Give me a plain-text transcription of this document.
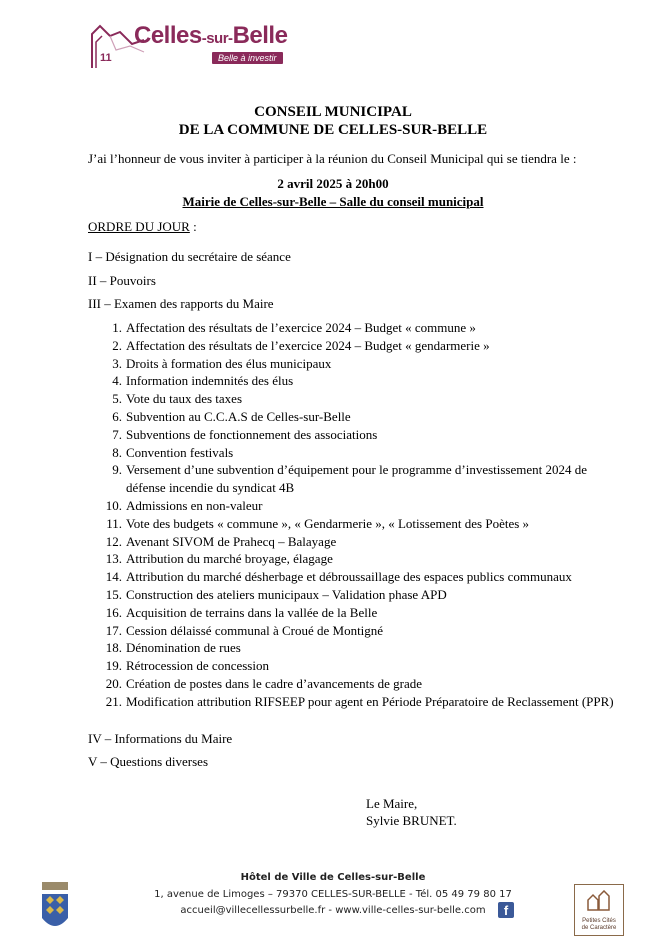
11
Celles-sur-Belle
Belle à investir
CONSEIL MUNICIPAL
DE LA COMMUNE DE CELLES-SUR-BELLE
J’ai l’honneur de vous inviter à participer à la réunion du Conseil Municipal qui se tiendra le :
2 avril 2025 à 20h00
Mairie de Celles-sur-Belle – Salle du conseil municipal
ORDRE DU JOUR :
I – Désignation du secrétaire de séance
II – Pouvoirs
III – Examen des rapports du Maire
1. Affectation des résultats de l’exercice 2024 – Budget « commune »
2. Affectation des résultats de l’exercice 2024 – Budget « gendarmerie »
3. Droits à formation des élus municipaux
4. Information indemnités des élus
5. Vote du taux des taxes
6. Subvention au C.C.A.S de Celles-sur-Belle
7. Subventions de fonctionnement des associations
8. Convention festivals
9. Versement d’une subvention d’équipement pour le programme d’investissement 2024 de défense incendie du syndicat 4B
10. Admissions en non-valeur
11. Vote des budgets « commune », « Gendarmerie », « Lotissement des Poètes »
12. Avenant SIVOM de Prahecq – Balayage
13. Attribution du marché broyage, élagage
14. Attribution du marché désherbage et débroussaillage des espaces publics communaux
15. Construction des ateliers municipaux – Validation phase APD
16. Acquisition de terrains dans la vallée de la Belle
17. Cession délaissé communal à Croué de Montigné
18. Dénomination de rues
19. Rétrocession de concession
20. Création de postes dans le cadre d’avancements de grade
21. Modification attribution RIFSEEP pour agent en Période Préparatoire de Reclassement (PPR)
IV – Informations du Maire
V – Questions diverses
Le Maire,
Sylvie BRUNET.
Hôtel de Ville de Celles-sur-Belle
1, avenue de Limoges – 79370 CELLES-SUR-BELLE - Tél. 05 49 79 80 17
accueil@villecellessurbelle.fr - www.ville-celles-sur-belle.com	f
Petites Cités
de Caractère
